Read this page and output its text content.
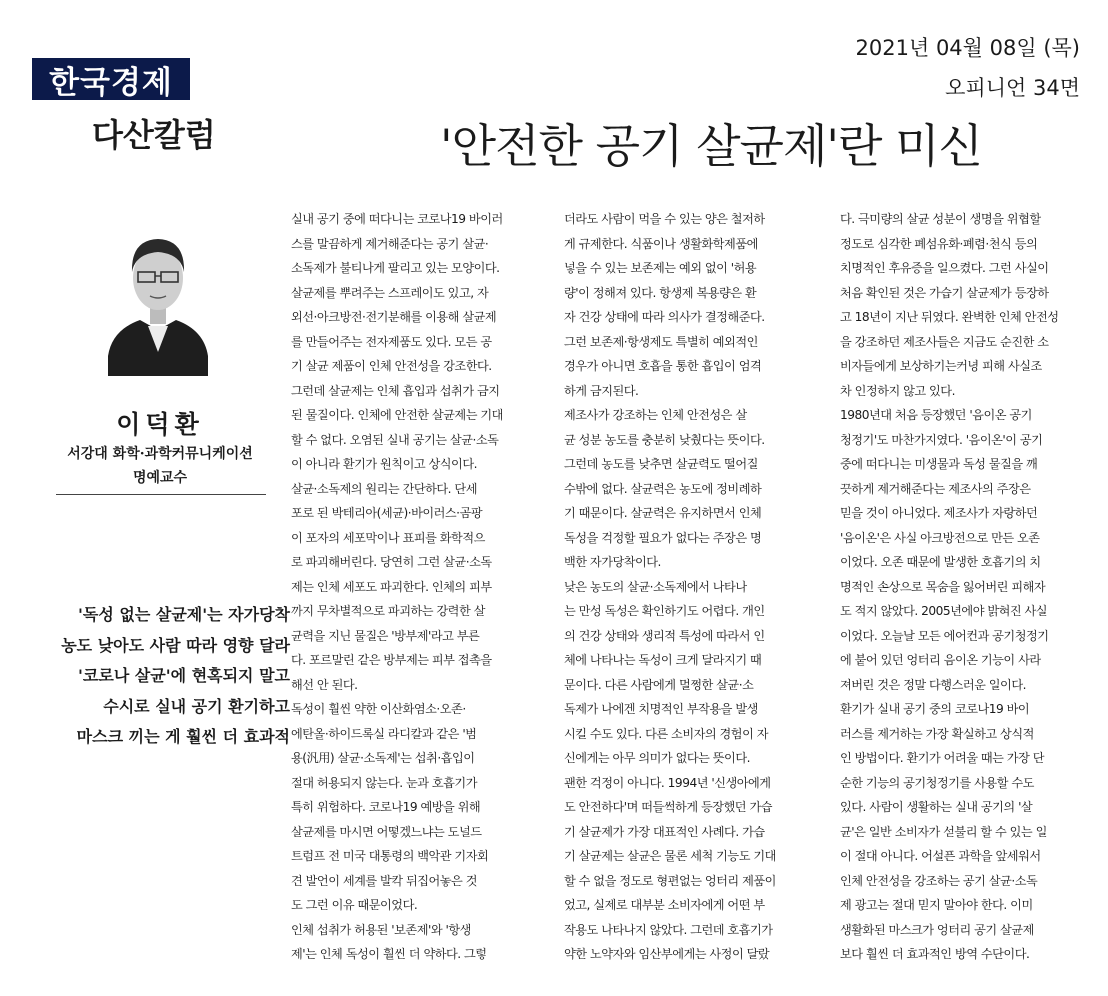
한국경제
2021년 04월 08일 (목)
오피니언 34면
다산칼럼	'안전한 공기 살균제'란 미신
이덕환
서강대 화학·과학커뮤니케이션
명예교수
'독성 없는 살균제'는 자가당착
농도 낮아도 사람 따라 영향 달라
'코로나 살균'에 현혹되지 말고
수시로 실내 공기 환기하고
마스크 끼는 게 훨씬 더 효과적
실내 공기 중에 떠다니는 코로나19 바이러
스를 말끔하게 제거해준다는 공기 살균·
소독제가 불티나게 팔리고 있는 모양이다.
살균제를 뿌려주는 스프레이도 있고, 자
외선·아크방전·전기분해를 이용해 살균제
를 만들어주는 전자제품도 있다. 모든 공
기 살균 제품이 인체 안전성을 강조한다.
그런데 살균제는 인체 흡입과 섭취가 금지
된 물질이다. 인체에 안전한 살균제는 기대
할 수 없다. 오염된 실내 공기는 살균·소독
이 아니라 환기가 원칙이고 상식이다.
살균·소독제의 원리는 간단하다. 단세
포로 된 박테리아(세균)·바이러스·곰팡
이 포자의 세포막이나 표피를 화학적으
로 파괴해버린다. 당연히 그런 살균·소독
제는 인체 세포도 파괴한다. 인체의 피부
까지 무차별적으로 파괴하는 강력한 살
균력을 지닌 물질은 '방부제'라고 부른
다. 포르말린 같은 방부제는 피부 접촉을
해선 안 된다.
독성이 훨씬 약한 이산화염소·오존·
에탄올·하이드록실 라디칼과 같은 '범
용(汎用) 살균·소독제'는 섭취·흡입이
절대 허용되지 않는다. 눈과 호흡기가
특히 위험하다. 코로나19 예방을 위해
살균제를 마시면 어떻겠느냐는 도널드
트럼프 전 미국 대통령의 백악관 기자회
견 발언이 세계를 발칵 뒤집어놓은 것
도 그런 이유 때문이었다.
인체 섭취가 허용된 '보존제'와 '항생
제'는 인체 독성이 훨씬 더 약하다. 그렇
더라도 사람이 먹을 수 있는 양은 철저하
게 규제한다. 식품이나 생활화학제품에
넣을 수 있는 보존제는 예외 없이 '허용
량'이 정해져 있다. 항생제 복용량은 환
자 건강 상태에 따라 의사가 결정해준다.
그런 보존제·항생제도 특별히 예외적인
경우가 아니면 호흡을 통한 흡입이 엄격
하게 금지된다.
제조사가 강조하는 인체 안전성은 살
균 성분 농도를 충분히 낮췄다는 뜻이다.
그런데 농도를 낮추면 살균력도 떨어질
수밖에 없다. 살균력은 농도에 정비례하
기 때문이다. 살균력은 유지하면서 인체
독성을 걱정할 필요가 없다는 주장은 명
백한 자가당착이다.
낮은 농도의 살균·소독제에서 나타나
는 만성 독성은 확인하기도 어렵다. 개인
의 건강 상태와 생리적 특성에 따라서 인
체에 나타나는 독성이 크게 달라지기 때
문이다. 다른 사람에게 멀쩡한 살균·소
독제가 나에겐 치명적인 부작용을 발생
시킬 수도 있다. 다른 소비자의 경험이 자
신에게는 아무 의미가 없다는 뜻이다.
괜한 걱정이 아니다. 1994년 '신생아에게
도 안전하다'며 떠들썩하게 등장했던 가습
기 살균제가 가장 대표적인 사례다. 가습
기 살균제는 살균은 물론 세척 기능도 기대
할 수 없을 정도로 형편없는 엉터리 제품이
었고, 실제로 대부분 소비자에게 어떤 부
작용도 나타나지 않았다. 그런데 호흡기가
약한 노약자와 임산부에게는 사정이 달랐
다. 극미량의 살균 성분이 생명을 위협할
정도로 심각한 폐섬유화·폐렴·천식 등의
치명적인 후유증을 일으켰다. 그런 사실이
처음 확인된 것은 가습기 살균제가 등장하
고 18년이 지난 뒤였다. 완벽한 인체 안전성
을 강조하던 제조사들은 지금도 순진한 소
비자들에게 보상하기는커녕 피해 사실조
차 인정하지 않고 있다.
1980년대 처음 등장했던 '음이온 공기
청정기'도 마찬가지였다. '음이온'이 공기
중에 떠다니는 미생물과 독성 물질을 깨
끗하게 제거해준다는 제조사의 주장은
믿을 것이 아니었다. 제조사가 자랑하던
'음이온'은 사실 아크방전으로 만든 오존
이었다. 오존 때문에 발생한 호흡기의 치
명적인 손상으로 목숨을 잃어버린 피해자
도 적지 않았다. 2005년에야 밝혀진 사실
이었다. 오늘날 모든 에어컨과 공기청정기
에 붙어 있던 엉터리 음이온 기능이 사라
져버린 것은 정말 다행스러운 일이다.
환기가 실내 공기 중의 코로나19 바이
러스를 제거하는 가장 확실하고 상식적
인 방법이다. 환기가 어려울 때는 가장 단
순한 기능의 공기청정기를 사용할 수도
있다. 사람이 생활하는 실내 공기의 '살
균'은 일반 소비자가 섣불리 할 수 있는 일
이 절대 아니다. 어설픈 과학을 앞세워서
인체 안전성을 강조하는 공기 살균·소독
제 광고는 절대 믿지 말아야 한다. 이미
생활화된 마스크가 엉터리 공기 살균제
보다 훨씬 더 효과적인 방역 수단이다.
